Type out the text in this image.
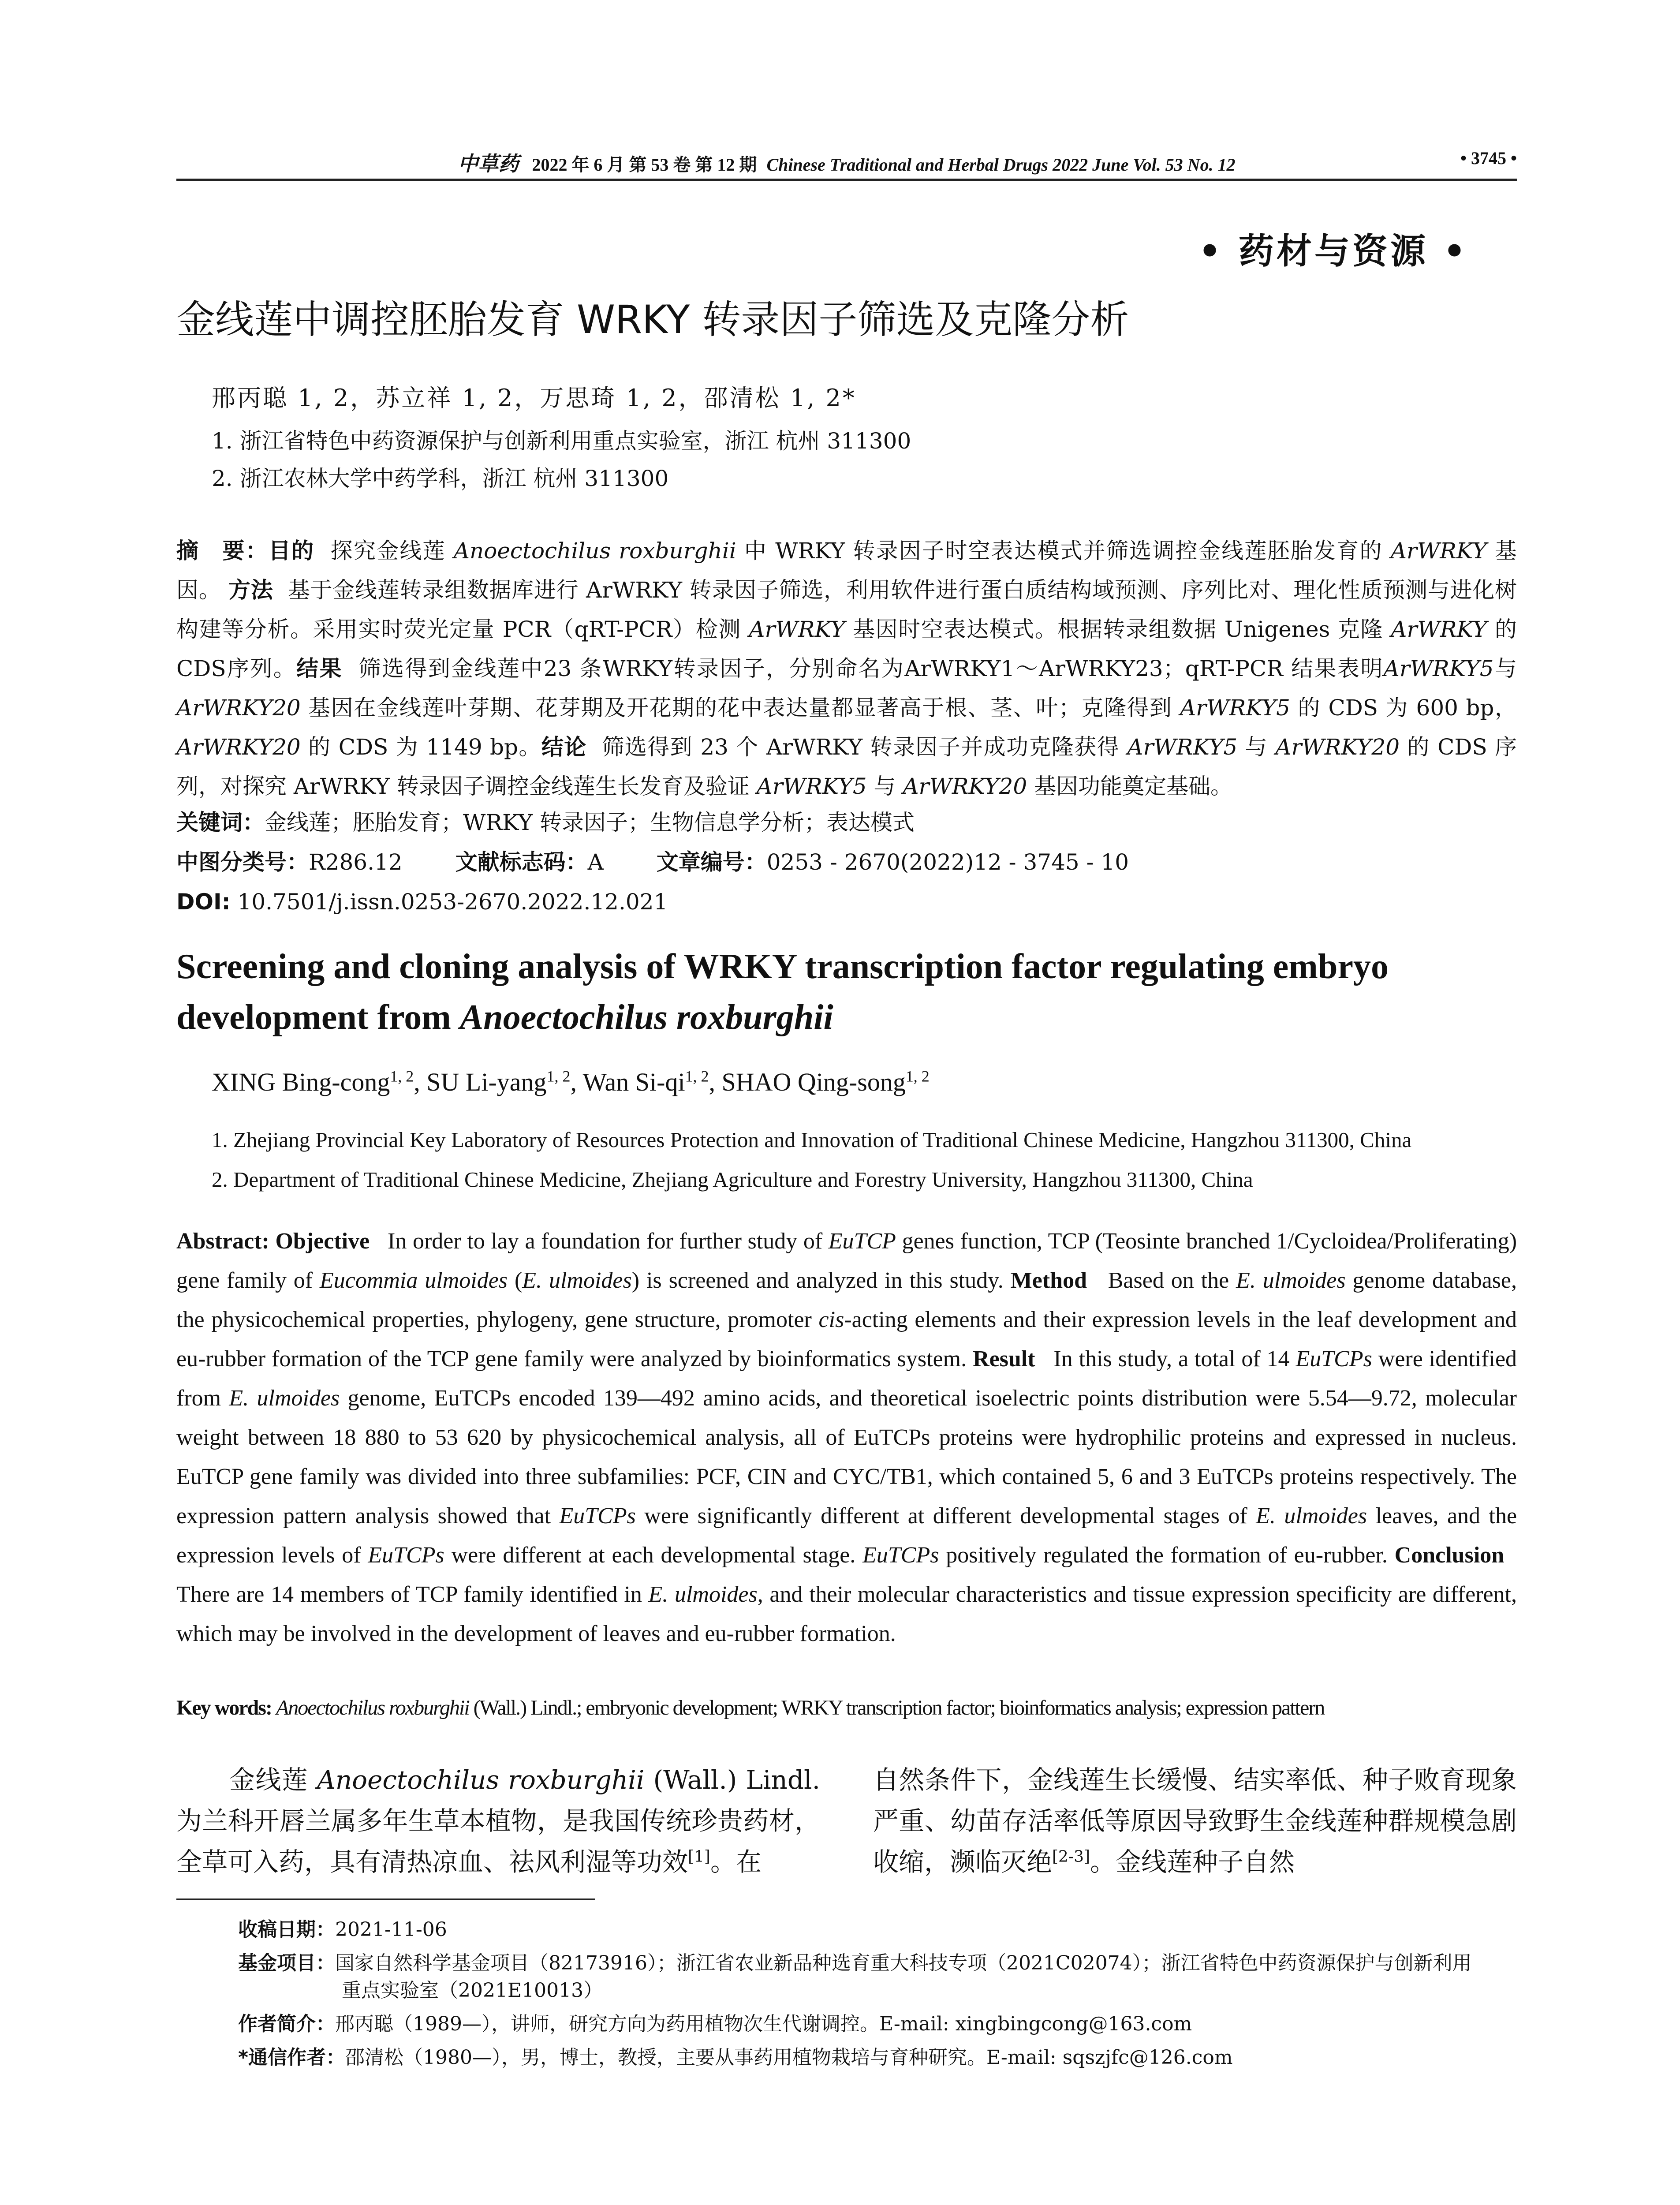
中草药 2022 年 6 月 第 53 卷 第 12 期 Chinese Traditional and Herbal Drugs 2022 June Vol. 53 No. 12	• 3745 •
• 药材与资源 •
金线莲中调控胚胎发育 WRKY 转录因子筛选及克隆分析
邢丙聪 1, 2，苏立祥 1, 2，万思琦 1, 2，邵清松 1, 2*
1. 浙江省特色中药资源保护与创新利用重点实验室，浙江 杭州 311300
2. 浙江农林大学中药学科，浙江 杭州 311300
摘　要：目的 探究金线莲 Anoectochilus roxburghii 中 WRKY 转录因子时空表达模式并筛选调控金线莲胚胎发育的 ArWRKY 基因。 方法 基于金线莲转录组数据库进行 ArWRKY 转录因子筛选，利用软件进行蛋白质结构域预测、序列比对、理化性质预测与进化树构建等分析。采用实时荧光定量 PCR（qRT-PCR）检测 ArWRKY 基因时空表达模式。根据转录组数据 Unigenes 克隆 ArWRKY 的CDS序列。结果 筛选得到金线莲中23 条WRKY转录因子，分别命名为ArWRKY1～ArWRKY23；qRT-PCR 结果表明ArWRKY5与ArWRKY20 基因在金线莲叶芽期、花芽期及开花期的花中表达量都显著高于根、茎、叶；克隆得到 ArWRKY5 的 CDS 为 600 bp，ArWRKY20 的 CDS 为 1149 bp。结论 筛选得到 23 个 ArWRKY 转录因子并成功克隆获得 ArWRKY5 与 ArWRKY20 的 CDS 序列，对探究 ArWRKY 转录因子调控金线莲生长发育及验证 ArWRKY5 与 ArWRKY20 基因功能奠定基础。
关键词：金线莲；胚胎发育；WRKY 转录因子；生物信息学分析；表达模式
中图分类号：R286.12 文献标志码：A 文章编号：0253 - 2670(2022)12 - 3745 - 10
DOI: 10.7501/j.issn.0253-2670.2022.12.021
Screening and cloning analysis of WRKY transcription factor regulating embryo development from Anoectochilus roxburghii
XING Bing-cong$^{1, 2}$, SU Li-yang$^{1, 2}$, Wan Si-qi$^{1, 2}$, SHAO Qing-song$^{1, 2}$
1. Zhejiang Provincial Key Laboratory of Resources Protection and Innovation of Traditional Chinese Medicine, Hangzhou 311300, China
2. Department of Traditional Chinese Medicine, Zhejiang Agriculture and Forestry University, Hangzhou 311300, China
Abstract: Objective In order to lay a foundation for further study of EuTCP genes function, TCP (Teosinte branched 1/Cycloidea/Proliferating) gene family of Eucommia ulmoides (E. ulmoides) is screened and analyzed in this study. Method Based on the E. ulmoides genome database, the physicochemical properties, phylogeny, gene structure, promoter cis-acting elements and their expression levels in the leaf development and eu-rubber formation of the TCP gene family were analyzed by bioinformatics system. Result In this study, a total of 14 EuTCPs were identified from E. ulmoides genome, EuTCPs encoded 139—492 amino acids, and theoretical isoelectric points distribution were 5.54—9.72, molecular weight between 18 880 to 53 620 by physicochemical analysis, all of EuTCPs proteins were hydrophilic proteins and expressed in nucleus. EuTCP gene family was divided into three subfamilies: PCF, CIN and CYC/TB1, which contained 5, 6 and 3 EuTCPs proteins respectively. The expression pattern analysis showed that EuTCPs were significantly different at different developmental stages of E. ulmoides leaves, and the expression levels of EuTCPs were different at each developmental stage. EuTCPs positively regulated the formation of eu-rubber. Conclusion   There are 14 members of TCP family identified in E. ulmoides, and their molecular characteristics and tissue expression specificity are different, which may be involved in the development of leaves and eu-rubber formation.
Key words: Anoectochilus roxburghii (Wall.) Lindl.; embryonic development; WRKY transcription factor; bioinformatics analysis; expression pattern
金线莲 Anoectochilus roxburghii (Wall.) Lindl.为兰科开唇兰属多年生草本植物，是我国传统珍贵药材，全草可入药，具有清热凉血、祛风利湿等功效[1]。在
自然条件下，金线莲生长缓慢、结实率低、种子败育现象严重、幼苗存活率低等原因导致野生金线莲种群规模急剧收缩，濒临灭绝[2-3]。金线莲种子自然
收稿日期：2021-11-06
基金项目：国家自然科学基金项目（82173916）；浙江省农业新品种选育重大科技专项（2021C02074）；浙江省特色中药资源保护与创新利用
重点实验室（2021E10013）
作者简介：邢丙聪（1989—），讲师，研究方向为药用植物次生代谢调控。E-mail: xingbingcong@163.com
*通信作者：邵清松（1980—），男，博士，教授，主要从事药用植物栽培与育种研究。E-mail: sqszjfc@126.com
